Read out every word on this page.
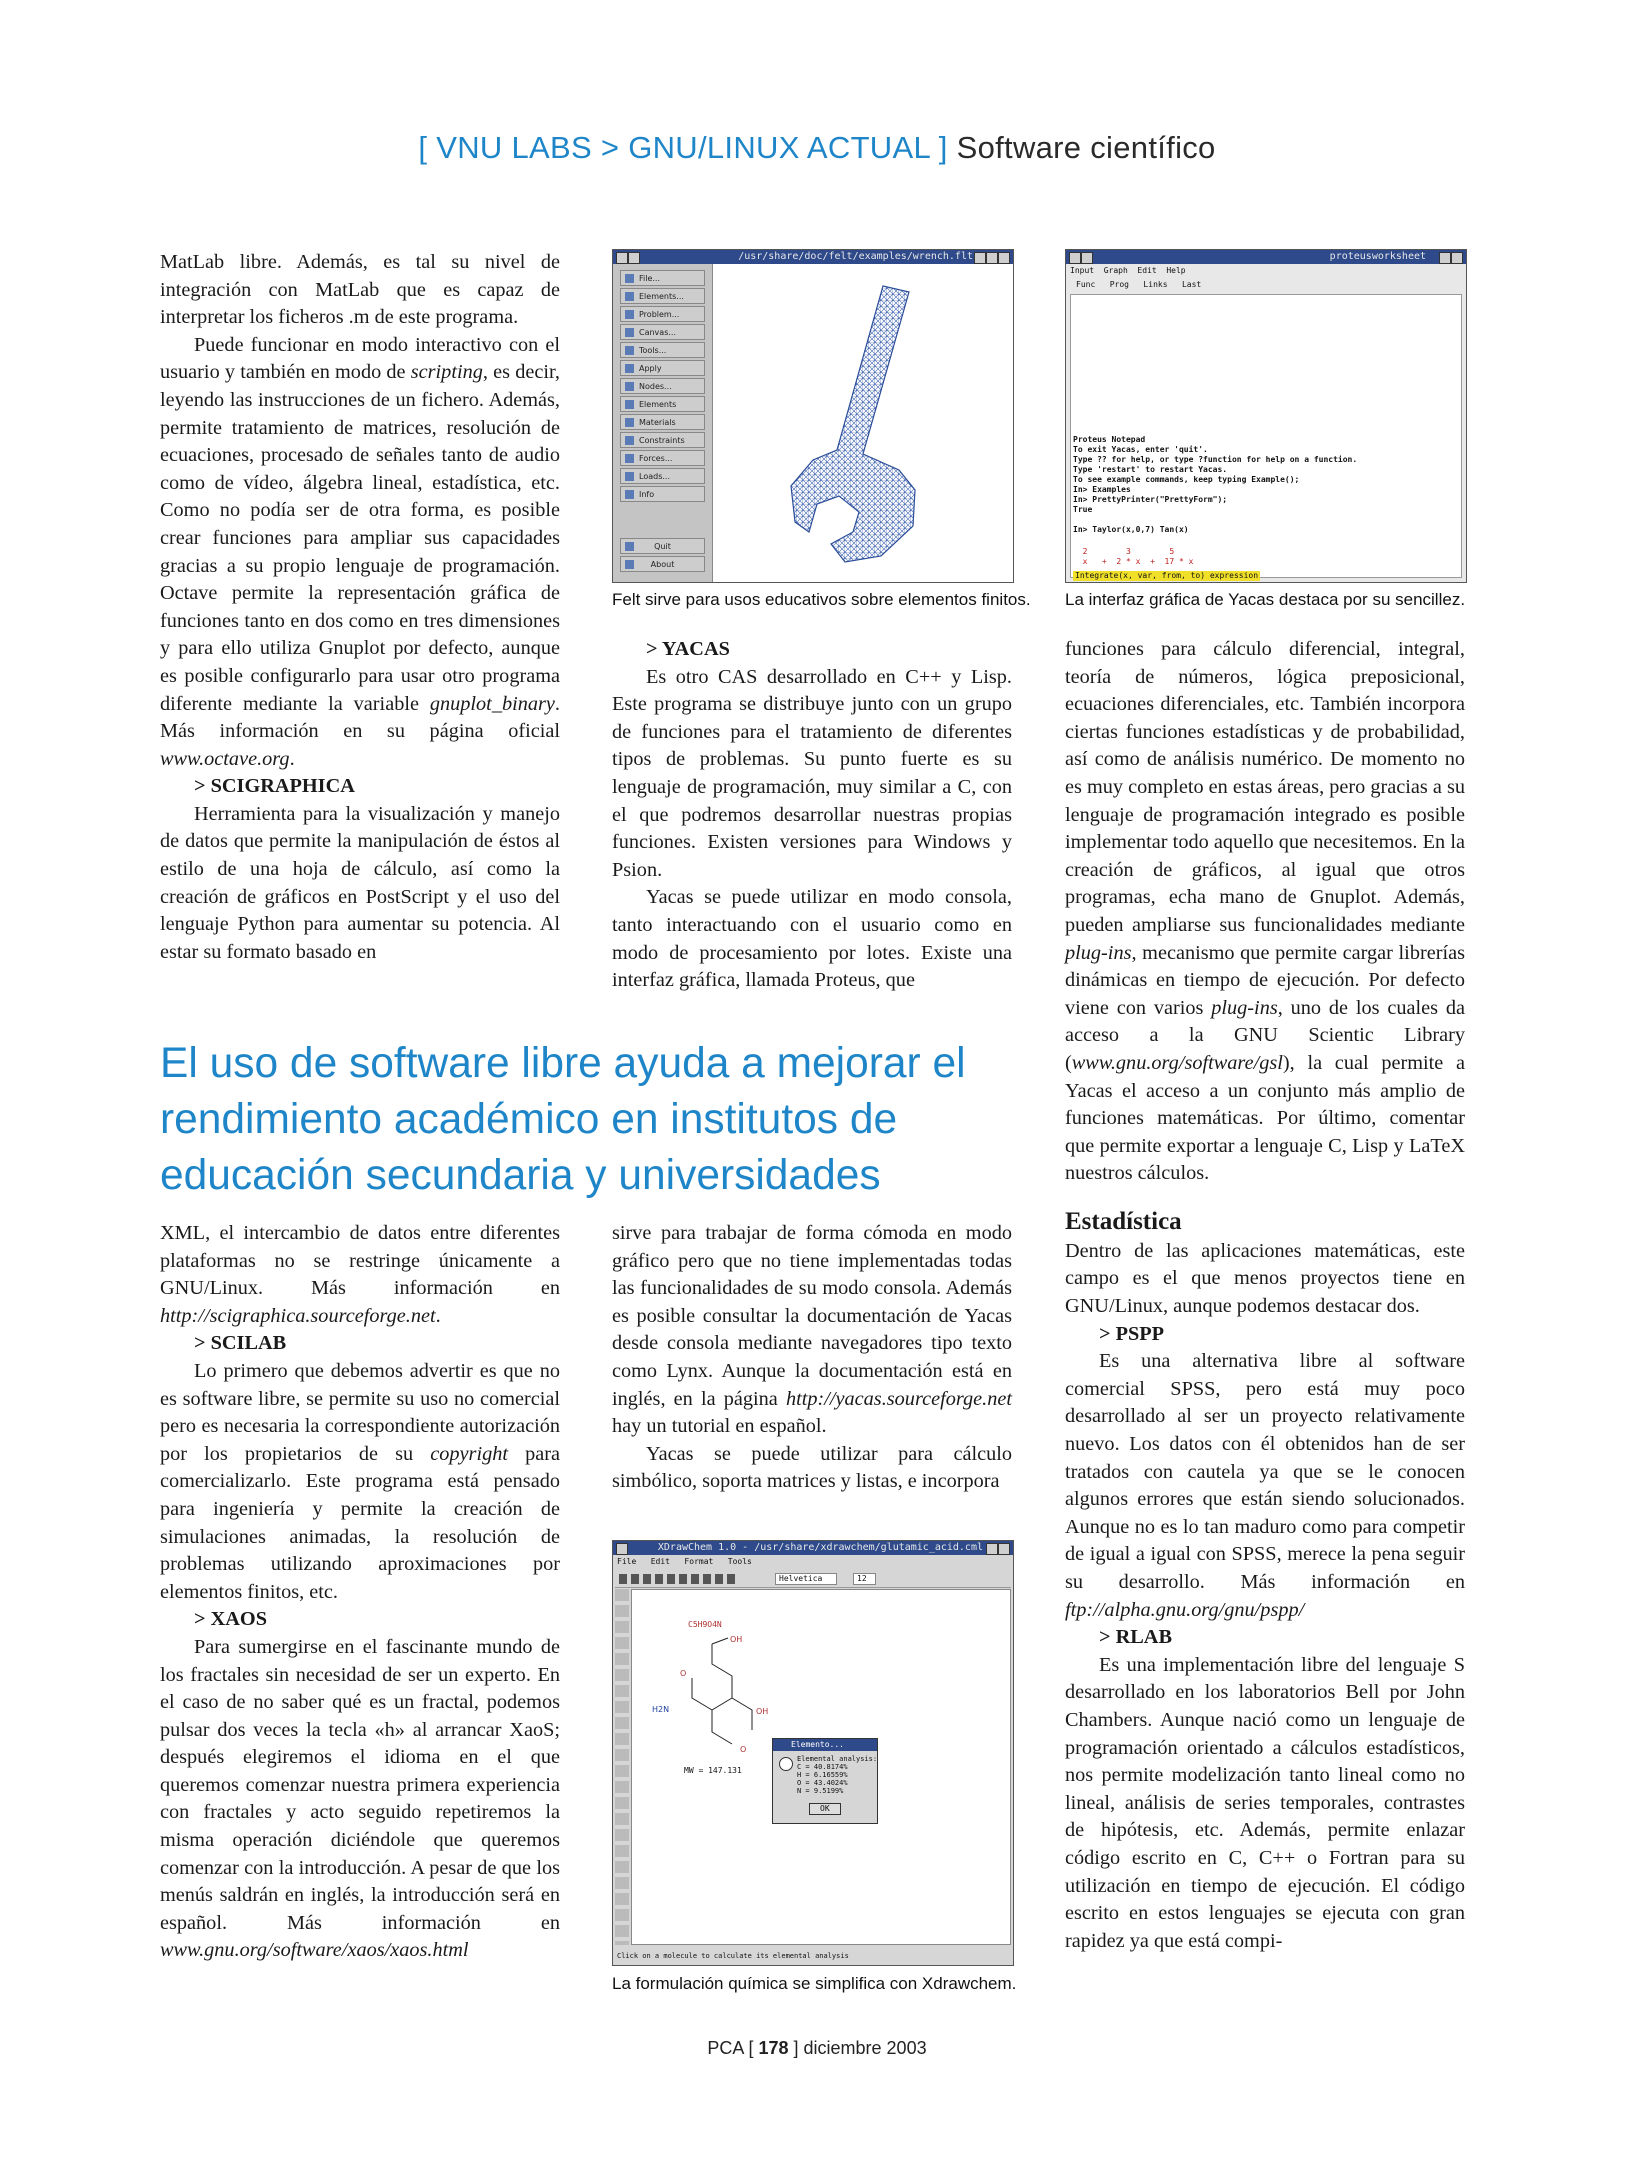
[ VNU LABS > GNU/LINUX ACTUAL ] Software científico

MatLab libre. Además, es tal su nivel de integración con MatLab que es capaz de interpretar los ficheros .m de este programa.

Puede funcionar en modo interactivo con el usuario y también en modo de scripting, es decir, leyendo las instrucciones de un fichero. Además, permite tratamiento de matrices, resolución de ecuaciones, procesado de señales tanto de audio como de vídeo, álgebra lineal, estadística, etc. Como no podía ser de otra forma, es posible crear funciones para ampliar sus capacidades gracias a su propio lenguaje de programación. Octave permite la representación gráfica de funciones tanto en dos como en tres dimensiones y para ello utiliza Gnuplot por defecto, aunque es posible configurarlo para usar otro programa diferente mediante la variable gnuplot_binary. Más información en su página oficial www.octave.org.

> SCIGRAPHICA

Herramienta para la visualización y manejo de datos que permite la manipulación de éstos al estilo de una hoja de cálculo, así como la creación de gráficos en PostScript y el uso del lenguaje Python para aumentar su potencia. Al estar su formato basado en

/usr/share/doc/felt/examples/wrench.flt
File...
Elements...
Problem...
Canvas...
Tools...
Apply
Nodes...
Elements
Materials
Constraints
Forces...
Loads...
Info
Quit
About
Felt sirve para usos educativos sobre elementos finitos.
proteusworksheet
Input  Graph  Edit  Help
Func   Prog   Links   Last
Proteus Notepad
To exit Yacas, enter 'quit'.
Type ?? for help, or type ?function for help on a function.
Type 'restart' to restart Yacas.
To see example commands, keep typing Example();
In> Examples
In> PrettyPrinter("PrettyForm");
True

In> Taylor(x,0,7) Tan(x)
2        3        5
x   +  2 * x  +  17 * x
Integrate(x, var, from, to) expression
La interfaz gráfica de Yacas destaca por su sencillez.

> YACAS

Es otro CAS desarrollado en C++ y Lisp. Este programa se distribuye junto con un grupo de funciones para el tratamiento de diferentes tipos de problemas. Su punto fuerte es su lenguaje de programación, muy similar a C, con el que podremos desarrollar nuestras propias funciones. Existen versiones para Windows y Psion.

Yacas se puede utilizar en modo consola, tanto interactuando con el usuario como en modo de procesamiento por lotes. Existe una interfaz gráfica, llamada Proteus, que

funciones para cálculo diferencial, integral, teoría de números, lógica preposicional, ecuaciones diferenciales, etc. También incorpora ciertas funciones estadísticas y de probabilidad, así como de análisis numérico. De momento no es muy completo en estas áreas, pero gracias a su lenguaje de programación integrado es posible implementar todo aquello que necesitemos. En la creación de gráficos, al igual que otros programas, echa mano de Gnuplot. Además, pueden ampliarse sus funcionalidades mediante plug-ins, mecanismo que permite cargar librerías dinámicas en tiempo de ejecución. Por defecto viene con varios plug-ins, uno de los cuales da acceso a la GNU Scientic Library (www.gnu.org/software/gsl), la cual permite a Yacas el acceso a un conjunto más amplio de funciones matemáticas. Por último, comentar que permite exportar a lenguaje C, Lisp y LaTeX nuestros cálculos.

Estadística

Dentro de las aplicaciones matemáticas, este campo es el que menos proyectos tiene en GNU/Linux, aunque podemos destacar dos.

> PSPP

Es una alternativa libre al software comercial SPSS, pero está muy poco desarrollado al ser un proyecto relativamente nuevo. Los datos con él obtenidos han de ser tratados con cautela ya que se le conocen algunos errores que están siendo solucionados. Aunque no es lo tan maduro como para competir de igual a igual con SPSS, merece la pena seguir su desarrollo. Más información en ftp://alpha.gnu.org/gnu/pspp/

> RLAB

Es una implementación libre del lenguaje S desarrollado en los laboratorios Bell por John Chambers. Aunque nació como un lenguaje de programación orientado a cálculos estadísticos, nos permite modelización tanto lineal como no lineal, análisis de series temporales, contrastes de hipótesis, etc. Además, permite enlazar código escrito en C, C++ o Fortran para su utilización en tiempo de ejecución. El código escrito en estos lenguajes se ejecuta con gran rapidez ya que está compi-

El uso de software libre ayuda a mejorar el rendimiento académico en institutos de educación secundaria y universidades

XML, el intercambio de datos entre diferentes plataformas no se restringe únicamente a GNU/Linux. Más información en http://scigraphica.sourceforge.net.

> SCILAB

Lo primero que debemos advertir es que no es software libre, se permite su uso no comercial pero es necesaria la correspondiente autorización por los propietarios de su copyright para comercializarlo. Este programa está pensado para ingeniería y permite la creación de simulaciones animadas, la resolución de problemas utilizando aproximaciones por elementos finitos, etc.

> XAOS

Para sumergirse en el fascinante mundo de los fractales sin necesidad de ser un experto. En el caso de no saber qué es un fractal, podemos pulsar dos veces la tecla «h» al arrancar XaoS; después elegiremos el idioma en el que queremos comenzar nuestra primera experiencia con fractales y acto seguido repetiremos la misma operación diciéndole que queremos comenzar con la introducción. A pesar de que los menús saldrán en inglés, la introducción será en español. Más información en www.gnu.org/software/xaos/xaos.html

sirve para trabajar de forma cómoda en modo gráfico pero que no tiene implementadas todas las funcionalidades de su modo consola. Además es posible consultar la documentación de Yacas desde consola mediante navegadores tipo texto como Lynx. Aunque la documentación está en inglés, en la página http://yacas.sourceforge.net hay un tutorial en español.

Yacas se puede utilizar para cálculo simbólico, soporta matrices y listas, e incorpora

XDrawChem 1.0 - /usr/share/xdrawchem/glutamic_acid.cml
File   Edit   Format   Tools
Helvetica	12
C5H9O4N
OH
O
H2N	OH
O
MW = 147.131
Elemento...
Elemental analysis:
C = 40.8174%
H = 6.16559%
O = 43.4024%
N = 9.5199%
OK
Click on a molecule to calculate its elemental analysis
La formulación química se simplifica con Xdrawchem.
PCA [ 178 ] diciembre 2003
